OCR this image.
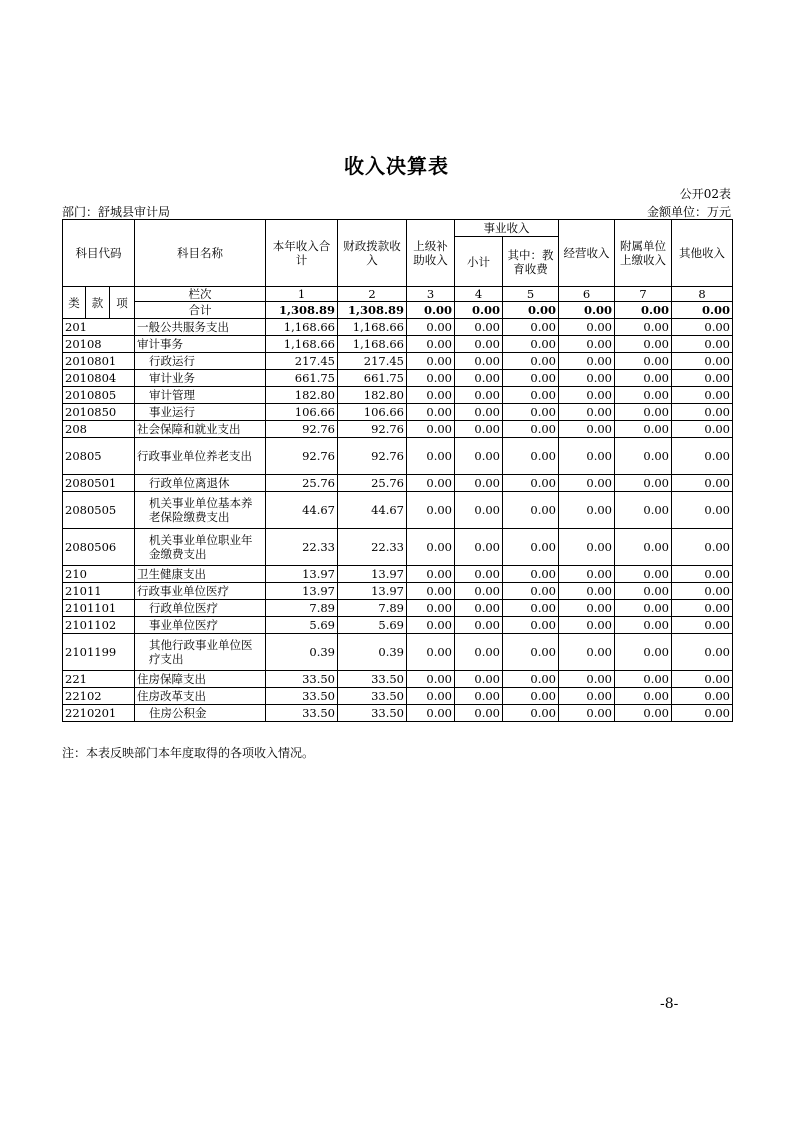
收入决算表
公开02表
部门：舒城县审计局	金额单位：万元
科目代码			科目名称	本年收入合计	财政拨款收入	上级补助收入	事业收入		经营收入	附属单位上缴收入	其他收入
							小计	其中：教育收费			

类	款	项	栏次	1	2	3	4	5	6	7	8
			合计	1,308.89	1,308.89	0.00	0.00	0.00	0.00	0.00	0.00
201			一般公共服务支出	1,168.66	1,168.66	0.00	0.00	0.00	0.00	0.00	0.00
20108			审计事务	1,168.66	1,168.66	0.00	0.00	0.00	0.00	0.00	0.00
2010801			行政运行	217.45	217.45	0.00	0.00	0.00	0.00	0.00	0.00
2010804			审计业务	661.75	661.75	0.00	0.00	0.00	0.00	0.00	0.00
2010805			审计管理	182.80	182.80	0.00	0.00	0.00	0.00	0.00	0.00
2010850			事业运行	106.66	106.66	0.00	0.00	0.00	0.00	0.00	0.00
208			社会保障和就业支出	92.76	92.76	0.00	0.00	0.00	0.00	0.00	0.00
20805			行政事业单位养老支出	92.76	92.76	0.00	0.00	0.00	0.00	0.00	0.00
2080501			行政单位离退休	25.76	25.76	0.00	0.00	0.00	0.00	0.00	0.00
2080505			机关事业单位基本养老保险缴费支出	44.67	44.67	0.00	0.00	0.00	0.00	0.00	0.00
2080506			机关事业单位职业年金缴费支出	22.33	22.33	0.00	0.00	0.00	0.00	0.00	0.00
210			卫生健康支出	13.97	13.97	0.00	0.00	0.00	0.00	0.00	0.00
21011			行政事业单位医疗	13.97	13.97	0.00	0.00	0.00	0.00	0.00	0.00
2101101			行政单位医疗	7.89	7.89	0.00	0.00	0.00	0.00	0.00	0.00
2101102			事业单位医疗	5.69	5.69	0.00	0.00	0.00	0.00	0.00	0.00
2101199			其他行政事业单位医疗支出	0.39	0.39	0.00	0.00	0.00	0.00	0.00	0.00
221			住房保障支出	33.50	33.50	0.00	0.00	0.00	0.00	0.00	0.00
22102			住房改革支出	33.50	33.50	0.00	0.00	0.00	0.00	0.00	0.00
2210201			住房公积金	33.50	33.50	0.00	0.00	0.00	0.00	0.00	0.00
注：本表反映部门本年度取得的各项收入情况。
-8-
